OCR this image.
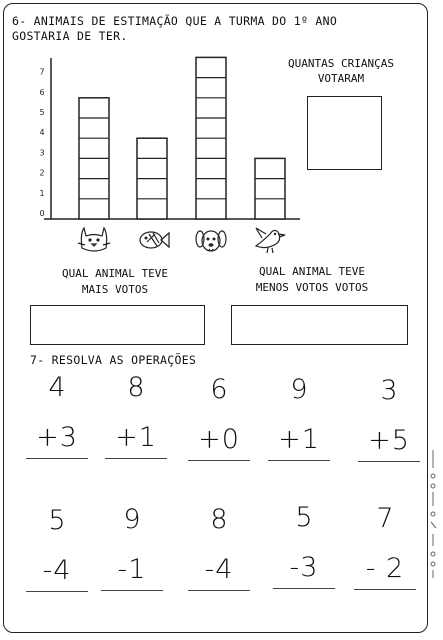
6- ANIMAIS DE ESTIMAÇÃO QUE A TURMA DO 1º ANO
GOSTARIA DE TER.
0
1
2
3
4
5
6
7
QUANTAS CRIANÇAS
VOTARAM
QUAL ANIMAL TEVE
MAIS VOTOS
QUAL ANIMAL TEVE
MENOS VOTOS VOTOS
7- RESOLVA AS OPERAÇÕES
4
+3
8
+1
6
+0
9
+1
3
+5
5
-4
9
-1
8
-4
5
-3
7
- 2
